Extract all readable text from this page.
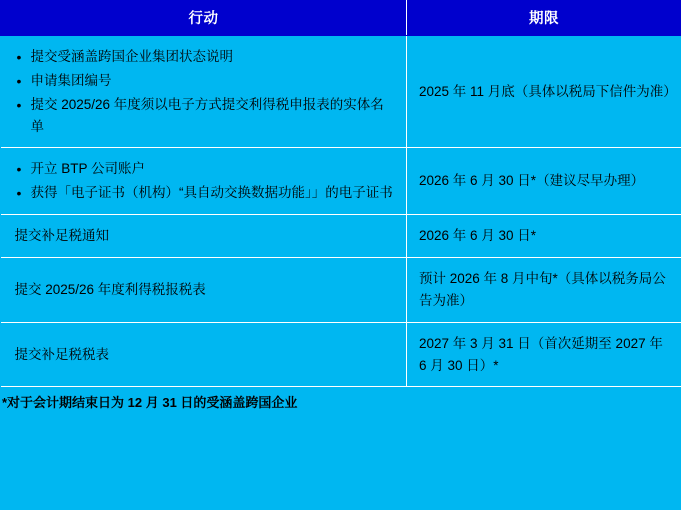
行动	期限

• 提交受涵盖跨国企业集团状态说明
• 申请集团编号
• 提交 2025/26 年度须以电子方式提交利得税申报表的实体名单
	2025 年 11 月底（具体以税局下信件为准）

• 开立 BTP 公司账户
• 获得「电子证书（机构）“具自动交换数据功能」」的电子证书
	2026 年 6 月 30 日*（建议尽早办理）

提交补足税通知	2026 年 6 月 30 日*

提交 2025/26 年度利得税报税表	预计 2026 年 8 月中旬*（具体以税务局公告为准）

提交补足税税表	2027 年 3 月 31 日（首次延期至 2027 年 6 月 30 日）*
*对于会计期结束日为 12 月 31 日的受涵盖跨国企业
